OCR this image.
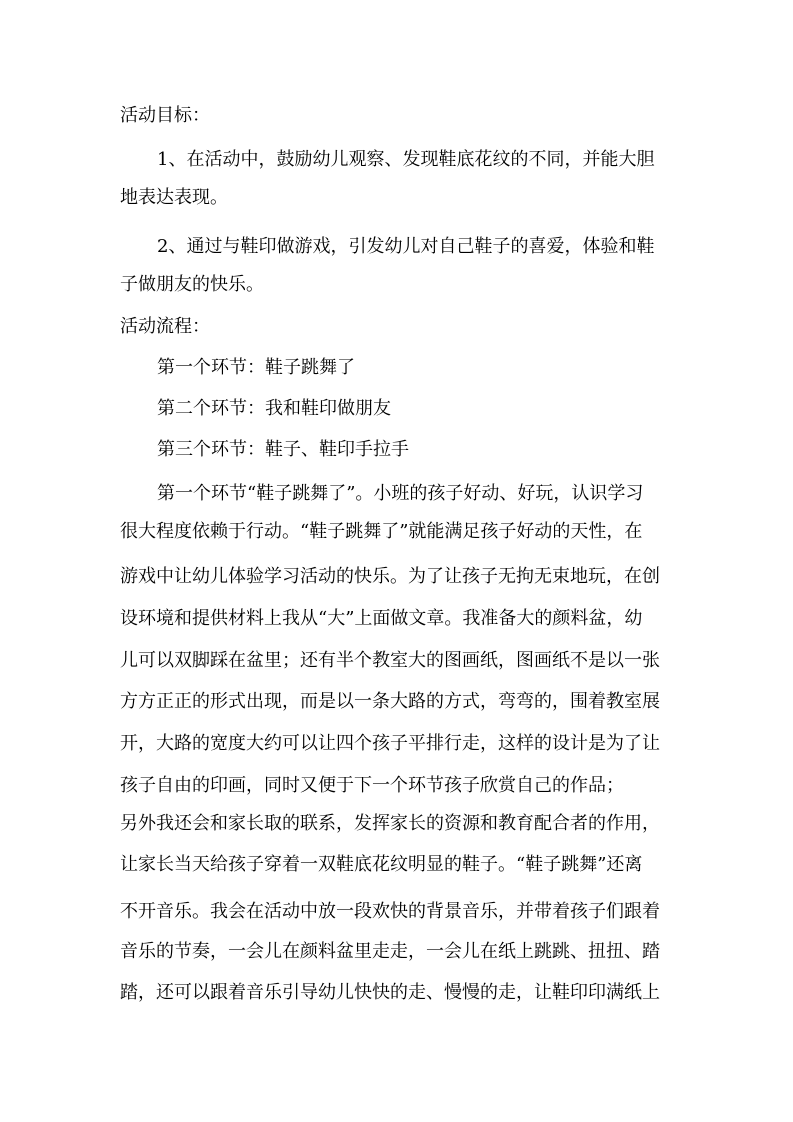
活动目标：
1、在活动中，鼓励幼儿观察、发现鞋底花纹的不同，并能大胆
地表达表现。
2、通过与鞋印做游戏，引发幼儿对自己鞋子的喜爱，体验和鞋
子做朋友的快乐。
活动流程：
第一个环节：鞋子跳舞了
第二个环节：我和鞋印做朋友
第三个环节：鞋子、鞋印手拉手
第一个环节“鞋子跳舞了”。小班的孩子好动、好玩，认识学习
很大程度依赖于行动。“鞋子跳舞了”就能满足孩子好动的天性，在
游戏中让幼儿体验学习活动的快乐。为了让孩子无拘无束地玩，在创
设环境和提供材料上我从“大”上面做文章。我准备大的颜料盆，幼
儿可以双脚踩在盆里；还有半个教室大的图画纸，图画纸不是以一张
方方正正的形式出现，而是以一条大路的方式，弯弯的，围着教室展
开，大路的宽度大约可以让四个孩子平排行走，这样的设计是为了让
孩子自由的印画，同时又便于下一个环节孩子欣赏自己的作品；
另外我还会和家长取的联系，发挥家长的资源和教育配合者的作用，
让家长当天给孩子穿着一双鞋底花纹明显的鞋子。“鞋子跳舞”还离
不开音乐。我会在活动中放一段欢快的背景音乐，并带着孩子们跟着
音乐的节奏，一会儿在颜料盆里走走，一会儿在纸上跳跳、扭扭、踏
踏，还可以跟着音乐引导幼儿快快的走、慢慢的走，让鞋印印满纸上
